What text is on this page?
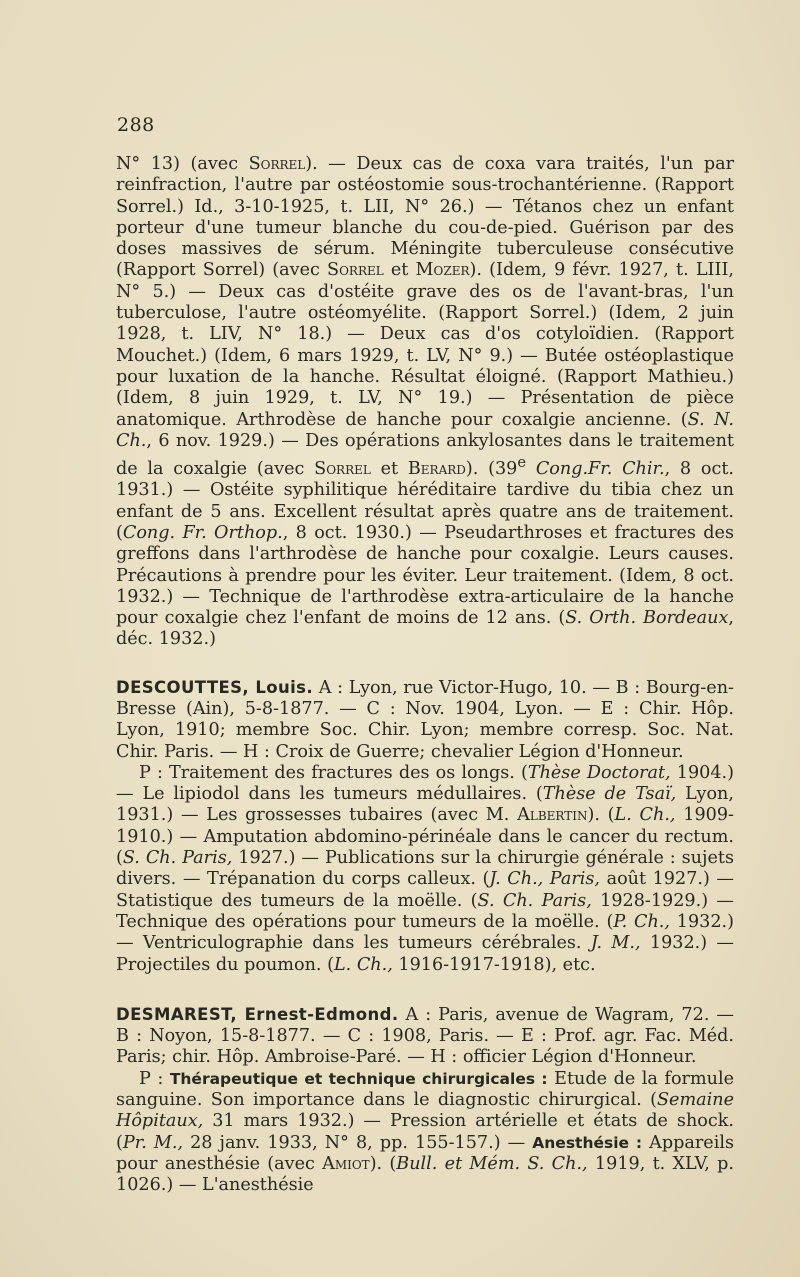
288

N° 13) (avec Sorrel). — Deux cas de coxa vara traités, l'un par reinfraction, l'autre par ostéostomie sous-trochantérienne. (Rapport Sorrel.) Id., 3-10-1925, t. LII, N° 26.) — Tétanos chez un enfant porteur d'une tumeur blanche du cou-de-pied. Guérison par des doses massives de sérum. Méningite tuberculeuse consécutive (Rapport Sorrel) (avec Sorrel et Mozer). (Idem, 9 févr. 1927, t. LIII, N° 5.) — Deux cas d'ostéite grave des os de l'avant-bras, l'un tuberculose, l'autre ostéomyélite. (Rapport Sorrel.) (Idem, 2 juin 1928, t. LIV, N° 18.) — Deux cas d'os cotyloïdien. (Rapport Mouchet.) (Idem, 6 mars 1929, t. LV, N° 9.) — Butée ostéoplastique pour luxation de la hanche. Résultat éloigné. (Rapport Mathieu.) (Idem, 8 juin 1929, t. LV, N° 19.) — Présentation de pièce anatomique. Arthrodèse de hanche pour coxalgie ancienne. (S. N. Ch., 6 nov. 1929.) — Des opérations ankylosantes dans le traitement de la coxalgie (avec Sorrel et Berard). (39e Cong.Fr. Chir., 8 oct. 1931.) — Ostéite syphilitique héréditaire tardive du tibia chez un enfant de 5 ans. Excellent résultat après quatre ans de traitement. (Cong. Fr. Orthop., 8 oct. 1930.) — Pseudarthroses et fractures des greffons dans l'arthrodèse de hanche pour coxalgie. Leurs causes. Précautions à prendre pour les éviter. Leur traitement. (Idem, 8 oct. 1932.) — Technique de l'arthrodèse extra-articulaire de la hanche pour coxalgie chez l'enfant de moins de 12 ans. (S. Orth. Bordeaux, déc. 1932.)

DESCOUTTES, Louis. A : Lyon, rue Victor-Hugo, 10. — B : Bourg-en-Bresse (Ain), 5-8-1877. — C : Nov. 1904, Lyon. — E : Chir. Hôp. Lyon, 1910; membre Soc. Chir. Lyon; membre corresp. Soc. Nat. Chir. Paris. — H : Croix de Guerre; chevalier Légion d'Honneur.

P : Traitement des fractures des os longs. (Thèse Doctorat, 1904.) — Le lipiodol dans les tumeurs médullaires. (Thèse de Tsaï, Lyon, 1931.) — Les grossesses tubaires (avec M. Albertin). (L. Ch., 1909-1910.) — Amputation abdomino-périnéale dans le cancer du rectum. (S. Ch. Paris, 1927.) — Publications sur la chirurgie générale : sujets divers. — Trépanation du corps calleux. (J. Ch., Paris, août 1927.) — Statistique des tumeurs de la moëlle. (S. Ch. Paris, 1928-1929.) — Technique des opérations pour tumeurs de la moëlle. (P. Ch., 1932.) — Ventriculographie dans les tumeurs cérébrales. J. M., 1932.) — Projectiles du poumon. (L. Ch., 1916-1917-1918), etc.

DESMAREST, Ernest-Edmond. A : Paris, avenue de Wagram, 72. — B : Noyon, 15-8-1877. — C : 1908, Paris. — E : Prof. agr. Fac. Méd. Paris; chir. Hôp. Ambroise-Paré. — H : officier Légion d'Honneur.

P : Thérapeutique et technique chirurgicales : Etude de la formule sanguine. Son importance dans le diagnostic chirurgical. (Semaine Hôpitaux, 31 mars 1932.) — Pression artérielle et états de shock. (Pr. M., 28 janv. 1933, N° 8, pp. 155-157.) — Anesthésie : Appareils pour anesthésie (avec Amiot). (Bull. et Mém. S. Ch., 1919, t. XLV, p. 1026.) — L'anesthésie
